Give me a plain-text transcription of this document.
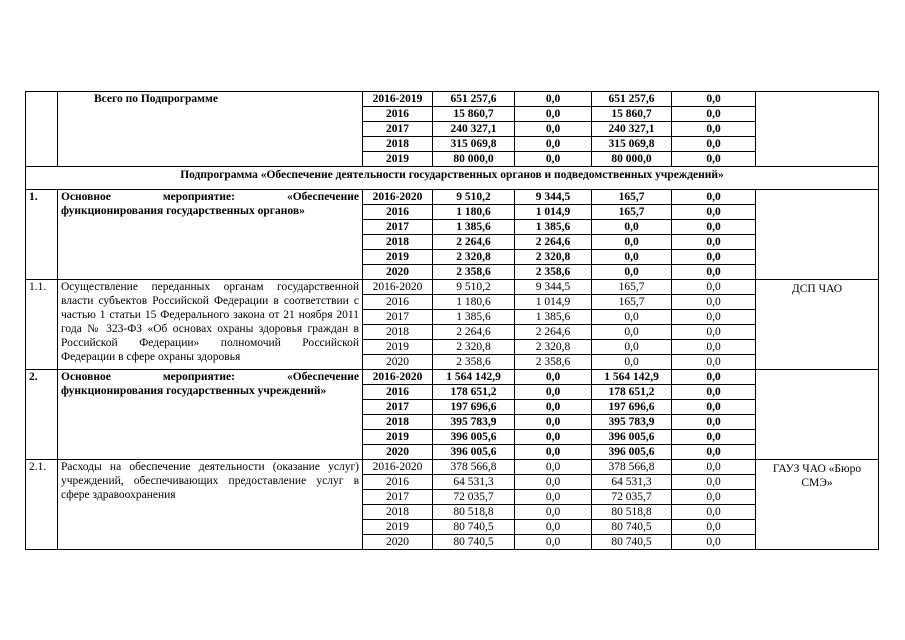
	Всего по Подпрограмме	2016-2019	651 257,6	0,0	651 257,6	0,0	
		2016	15 860,7	0,0	15 860,7	0,0	
		2017	240 327,1	0,0	240 327,1	0,0	
		2018	315 069,8	0,0	315 069,8	0,0	
		2019	80 000,0	0,0	80 000,0	0,0	
Подпрограмма «Обеспечение деятельности государственных органов и подведомственных учреждений»							
1.	Основное мероприятие: «Обеспечение функционирования государственных органов»	2016-2020	9 510,2	9 344,5	165,7	0,0	
		2016	1 180,6	1 014,9	165,7	0,0	
		2017	1 385,6	1 385,6	0,0	0,0	
		2018	2 264,6	2 264,6	0,0	0,0	
		2019	2 320,8	2 320,8	0,0	0,0	
		2020	2 358,6	2 358,6	0,0	0,0	
1.1.	Осуществление переданных органам государственной власти субъектов Российской Федерации в соответствии с частью 1 статьи 15 Федерального закона от 21 ноября 2011 года № 323-ФЗ «Об основах охраны здоровья граждан в Российской Федерации» полномочий Российской Федерации в сфере охраны здоровья	2016-2020	9 510,2	9 344,5	165,7	0,0	ДСП ЧАО
		2016	1 180,6	1 014,9	165,7	0,0	
		2017	1 385,6	1 385,6	0,0	0,0	
		2018	2 264,6	2 264,6	0,0	0,0	
		2019	2 320,8	2 320,8	0,0	0,0	
		2020	2 358,6	2 358,6	0,0	0,0	
2.	Основное мероприятие: «Обеспечение функционирования государственных учреждений»	2016-2020	1 564 142,9	0,0	1 564 142,9	0,0	
		2016	178 651,2	0,0	178 651,2	0,0	
		2017	197 696,6	0,0	197 696,6	0,0	
		2018	395 783,9	0,0	395 783,9	0,0	
		2019	396 005,6	0,0	396 005,6	0,0	
		2020	396 005,6	0,0	396 005,6	0,0	
2.1.	Расходы на обеспечение деятельности (оказание услуг) учреждений, обеспечивающих предоставление услуг в сфере здравоохранения	2016-2020	378 566,8	0,0	378 566,8	0,0	ГАУЗ ЧАО «Бюро СМЭ»
		2016	64 531,3	0,0	64 531,3	0,0	
		2017	72 035,7	0,0	72 035,7	0,0	
		2018	80 518,8	0,0	80 518,8	0,0	
		2019	80 740,5	0,0	80 740,5	0,0	
		2020	80 740,5	0,0	80 740,5	0,0	
